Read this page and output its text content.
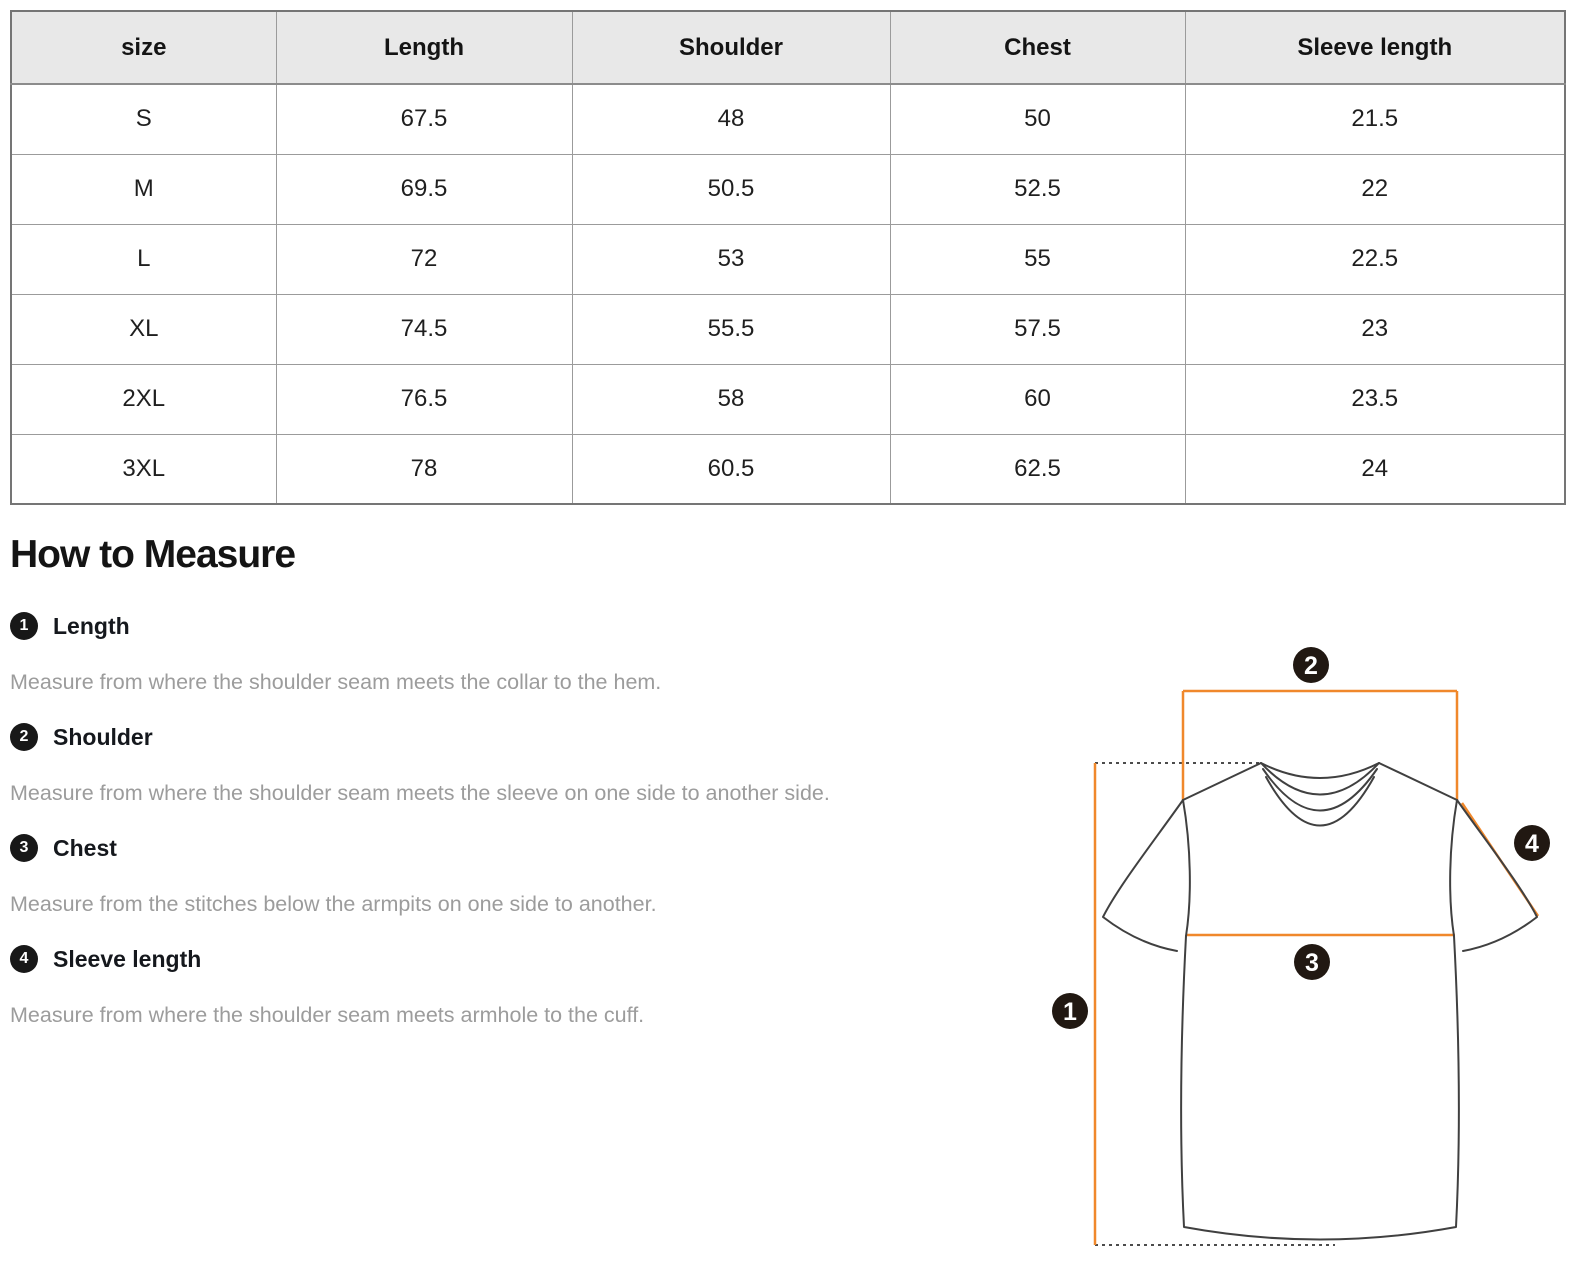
size	Length	Shoulder	Chest	Sleeve length
S	67.5	48	50	21.5
M	69.5	50.5	52.5	22
L	72	53	55	22.5
XL	74.5	55.5	57.5	23
2XL	76.5	58	60	23.5
3XL	78	60.5	62.5	24
How to Measure
1	Length

Measure from where the shoulder seam meets the collar to the hem.

2	Shoulder

Measure from where the shoulder seam meets the sleeve on one side to another side.

3	Chest

Measure from the stitches below the armpits on one side to another.

4	Sleeve length

Measure from where the shoulder seam meets armhole to the cuff.	1
2
3
4
